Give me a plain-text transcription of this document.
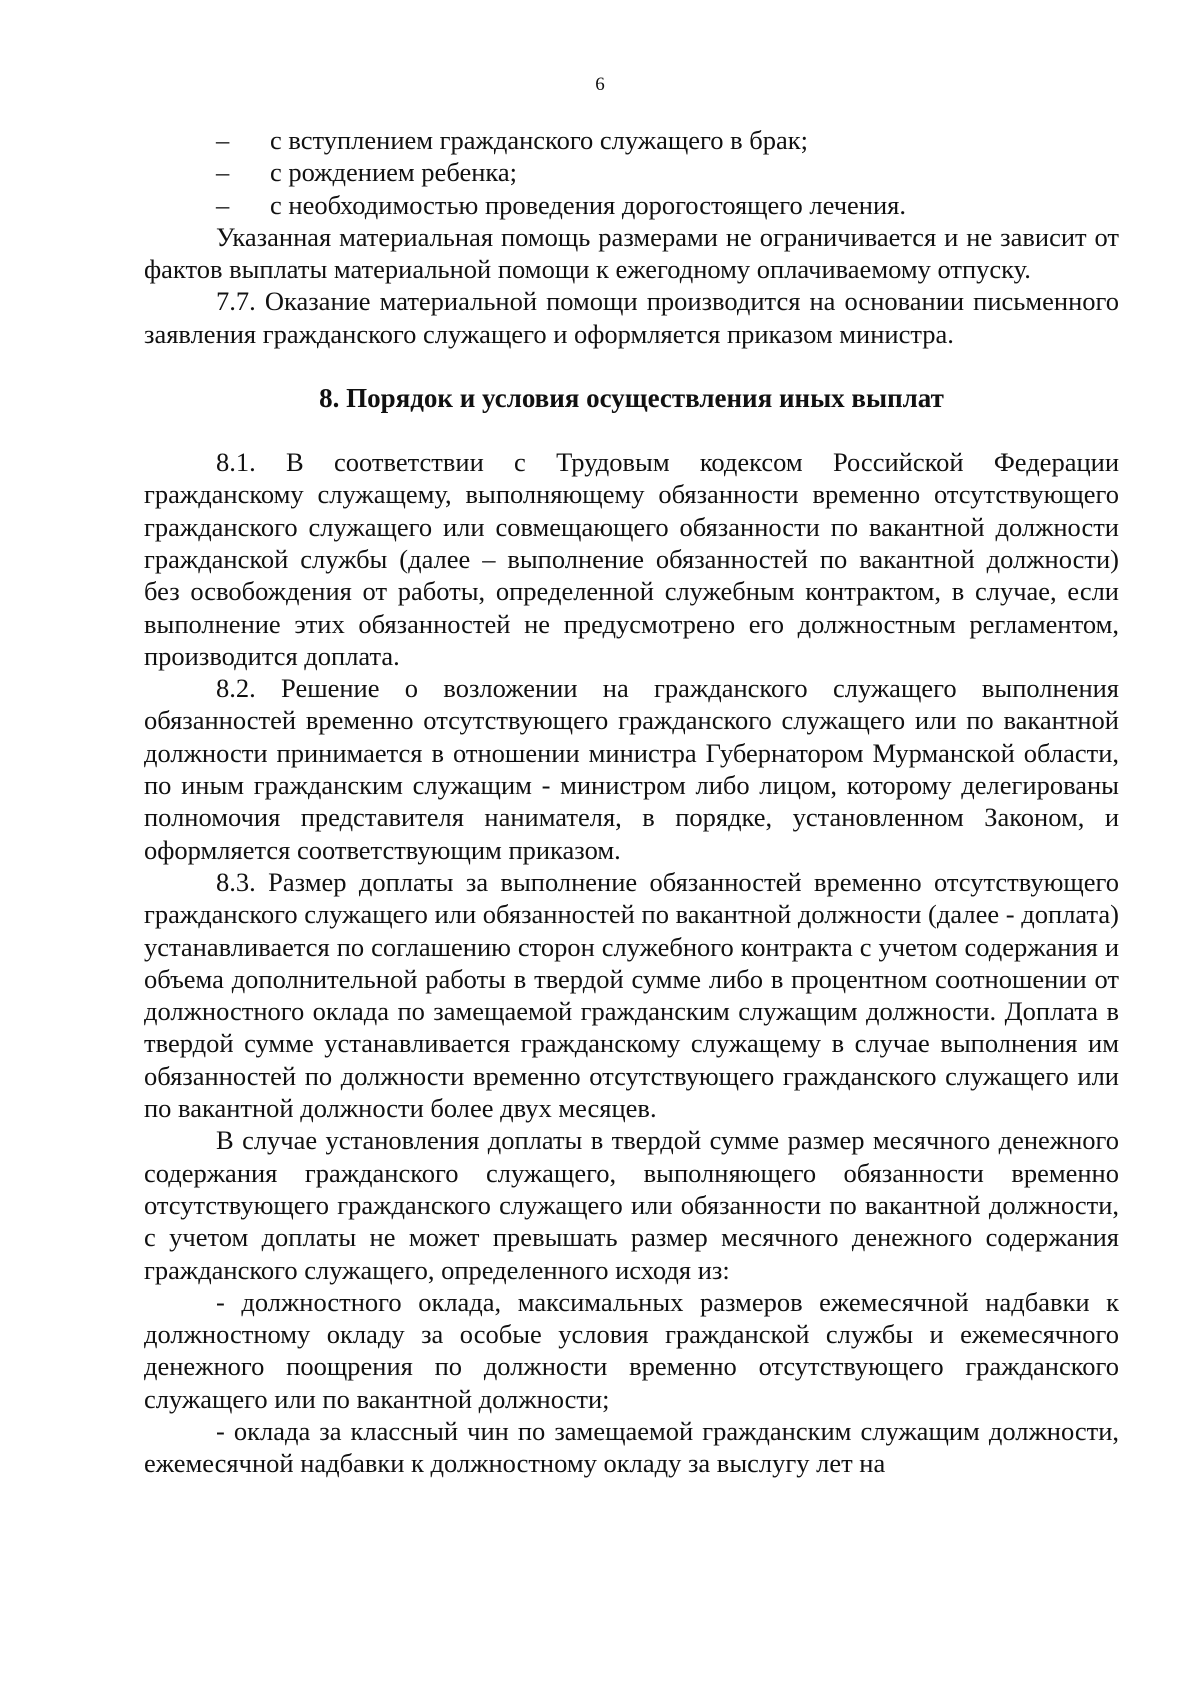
6
–	с вступлением гражданского служащего в брак;
–	с рождением ребенка;
–	с необходимостью проведения дорогостоящего лечения.

Указанная материальная помощь размерами не ограничивается и не зависит от фактов выплаты материальной помощи к ежегодному оплачиваемому отпуску.

7.7. Оказание материальной помощи производится на основании письменного заявления гражданского служащего и оформляется приказом министра.

8. Порядок и условия осуществления иных выплат

8.1. В соответствии с Трудовым кодексом Российской Федерации гражданскому служащему, выполняющему обязанности временно отсутствующего гражданского служащего или совмещающего обязанности по вакантной должности гражданской службы (далее – выполнение обязанностей по вакантной должности) без освобождения от работы, определенной служебным контрактом, в случае, если выполнение этих обязанностей не предусмотрено его должностным регламентом, производится доплата.

8.2. Решение о возложении на гражданского служащего выполнения обязанностей временно отсутствующего гражданского служащего или по вакантной должности принимается в отношении министра Губернатором Мурманской области, по иным гражданским служащим - министром либо лицом, которому делегированы полномочия представителя нанимателя, в порядке, установленном Законом, и оформляется соответствующим приказом.

8.3. Размер доплаты за выполнение обязанностей временно отсутствующего гражданского служащего или обязанностей по вакантной должности (далее - доплата) устанавливается по соглашению сторон служебного контракта с учетом содержания и объема дополнительной работы в твердой сумме либо в процентном соотношении от должностного оклада по замещаемой гражданским служащим должности. Доплата в твердой сумме устанавливается гражданскому служащему в случае выполнения им обязанностей по должности временно отсутствующего гражданского служащего или по вакантной должности более двух месяцев.

В случае установления доплаты в твердой сумме размер месячного денежного содержания гражданского служащего, выполняющего обязанности временно отсутствующего гражданского служащего или обязанности по вакантной должности, с учетом доплаты не может превышать размер месячного денежного содержания гражданского служащего, определенного исходя из:

- должностного оклада, максимальных размеров ежемесячной надбавки к должностному окладу за особые условия гражданской службы и ежемесячного денежного поощрения по должности временно отсутствующего гражданского служащего или по вакантной должности;

- оклада за классный чин по замещаемой гражданским служащим должности, ежемесячной надбавки к должностному окладу за выслугу лет на
